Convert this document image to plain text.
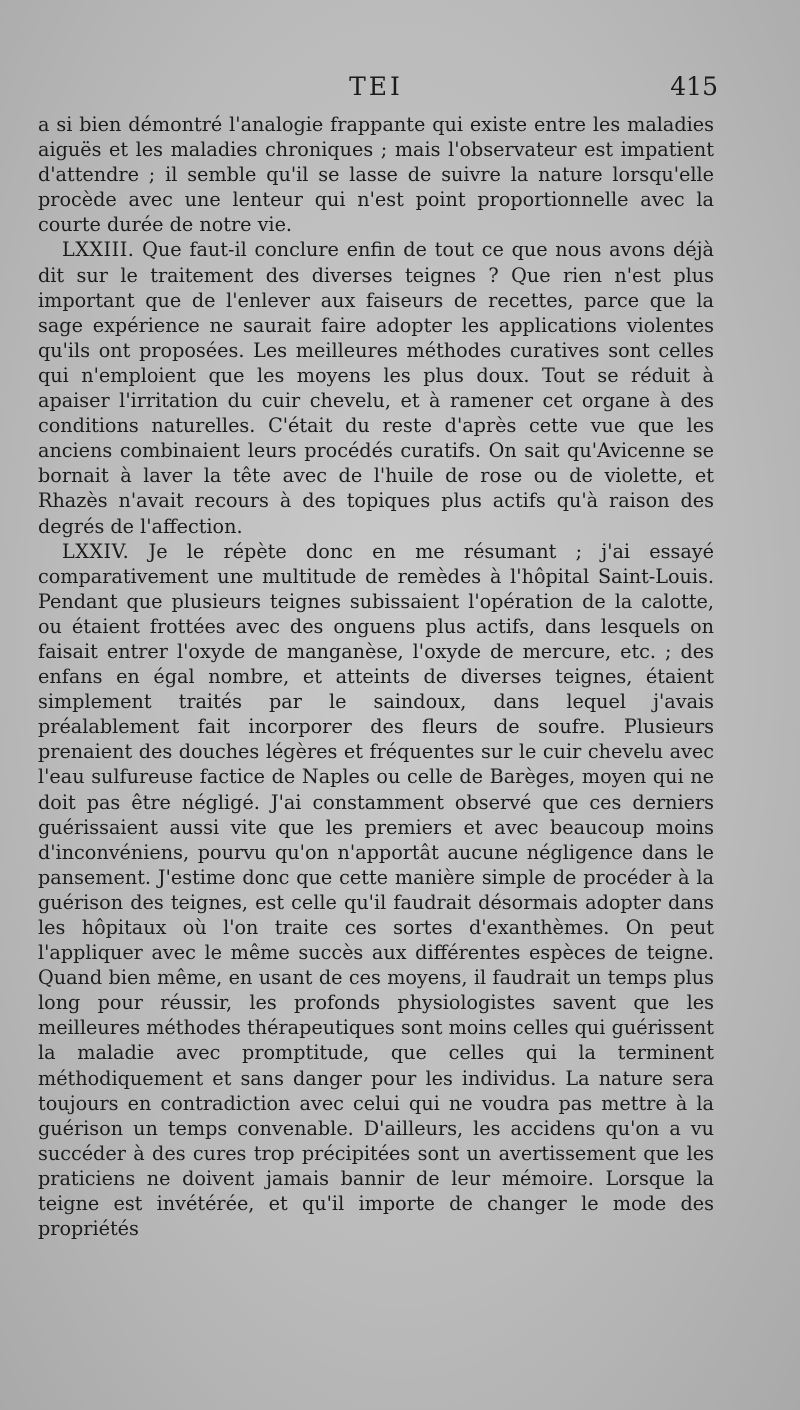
TEI	415

a si bien démontré l'analogie frappante qui existe entre les maladies aiguës et les maladies chroniques ; mais l'observateur est impatient d'attendre ; il semble qu'il se lasse de suivre la nature lorsqu'elle procède avec une lenteur qui n'est point proportionnelle avec la courte durée de notre vie.

LXXIII. Que faut-il conclure enfin de tout ce que nous avons déjà dit sur le traitement des diverses teignes ? Que rien n'est plus important que de l'enlever aux faiseurs de recettes, parce que la sage expérience ne saurait faire adopter les applications violentes qu'ils ont proposées. Les meilleures méthodes curatives sont celles qui n'emploient que les moyens les plus doux. Tout se réduit à apaiser l'irritation du cuir chevelu, et à ramener cet organe à des conditions naturelles. C'était du reste d'après cette vue que les anciens combinaient leurs procédés curatifs. On sait qu'Avicenne se bornait à laver la tête avec de l'huile de rose ou de violette, et Rhazès n'avait recours à des topiques plus actifs qu'à raison des degrés de l'affection.

LXXIV. Je le répète donc en me résumant ; j'ai essayé comparativement une multitude de remèdes à l'hôpital Saint-Louis. Pendant que plusieurs teignes subissaient l'opération de la calotte, ou étaient frottées avec des onguens plus actifs, dans lesquels on faisait entrer l'oxyde de manganèse, l'oxyde de mercure, etc. ; des enfans en égal nombre, et atteints de diverses teignes, étaient simplement traités par le saindoux, dans lequel j'avais préalablement fait incorporer des fleurs de soufre. Plusieurs prenaient des douches légères et fréquentes sur le cuir chevelu avec l'eau sulfureuse factice de Naples ou celle de Barèges, moyen qui ne doit pas être négligé. J'ai constamment observé que ces derniers guérissaient aussi vite que les premiers et avec beaucoup moins d'inconvéniens, pourvu qu'on n'apportât aucune négligence dans le pansement. J'estime donc que cette manière simple de procéder à la guérison des teignes, est celle qu'il faudrait désormais adopter dans les hôpitaux où l'on traite ces sortes d'exanthèmes. On peut l'appliquer avec le même succès aux différentes espèces de teigne. Quand bien même, en usant de ces moyens, il faudrait un temps plus long pour réussir, les profonds physiologistes savent que les meilleures méthodes thérapeutiques sont moins celles qui guérissent la maladie avec promptitude, que celles qui la terminent méthodiquement et sans danger pour les individus. La nature sera toujours en contradiction avec celui qui ne voudra pas mettre à la guérison un temps convenable. D'ailleurs, les accidens qu'on a vu succéder à des cures trop précipitées sont un avertissement que les praticiens ne doivent jamais bannir de leur mémoire. Lorsque la teigne est invétérée, et qu'il importe de changer le mode des propriétés
